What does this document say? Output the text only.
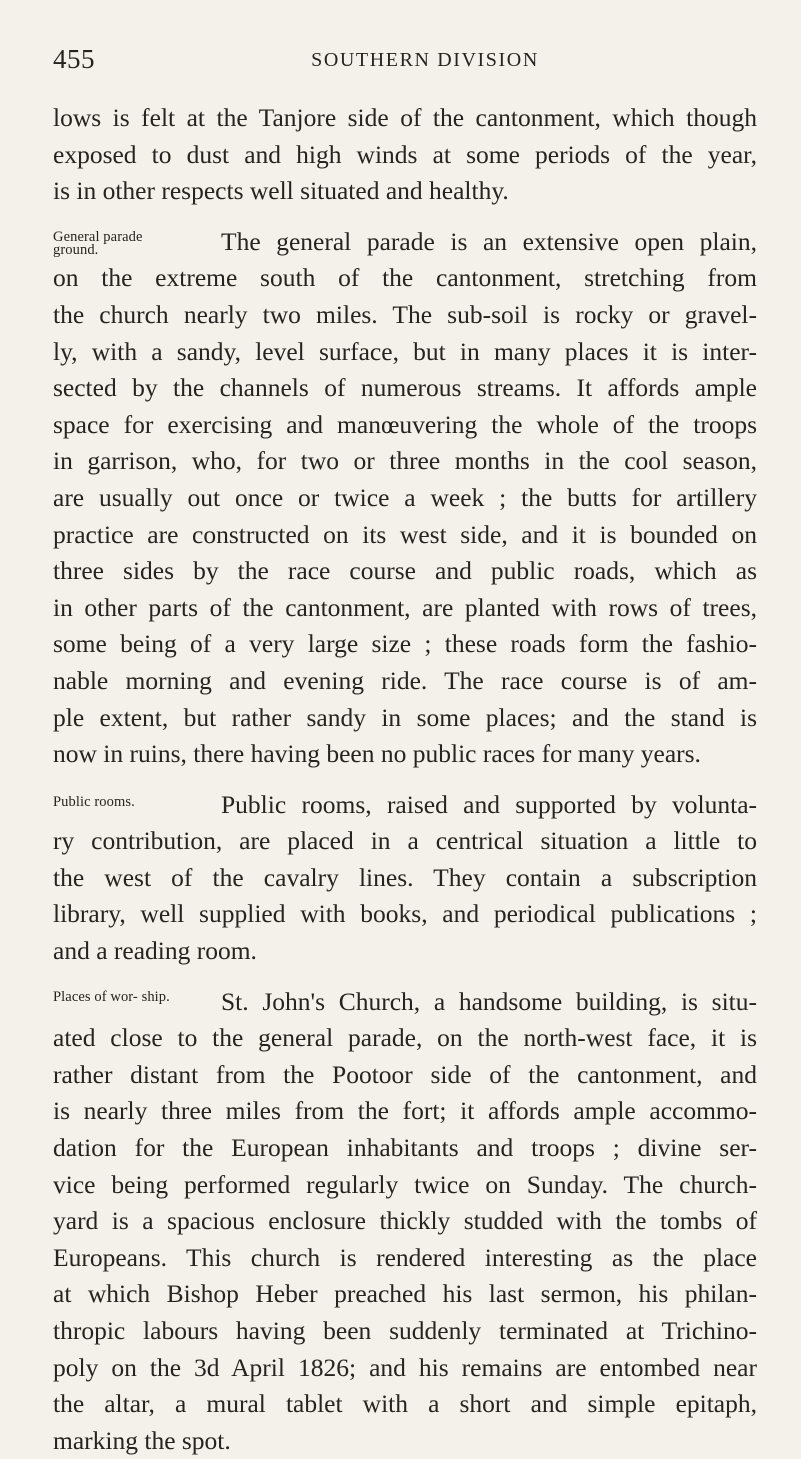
455	SOUTHERN DIVISION
lows is felt at the Tanjore side of the cantonment, which though
exposed to dust and high winds at some periods of the year,
is in other respects well situated and healthy.
General parade ground.	The general parade is an extensive open plain,
on the extreme south of the cantonment, stretching from
the church nearly two miles. The sub-soil is rocky or gravel-
ly, with a sandy, level surface, but in many places it is inter-
sected by the channels of numerous streams. It affords ample
space for exercising and manœuvering the whole of the troops
in garrison, who, for two or three months in the cool season,
are usually out once or twice a week ; the butts for artillery
practice are constructed on its west side, and it is bounded on
three sides by the race course and public roads, which as
in other parts of the cantonment, are planted with rows of trees,
some being of a very large size ; these roads form the fashio-
nable morning and evening ride. The race course is of am-
ple extent, but rather sandy in some places; and the stand is
now in ruins, there having been no public races for many years.
Public rooms.	Public rooms, raised and supported by volunta-
ry contribution, are placed in a centrical situation a little to
the west of the cavalry lines. They contain a subscription
library, well supplied with books, and periodical publications ;
and a reading room.
Places of wor- ship. St. John's Church, a handsome building, is situ-
ated close to the general parade, on the north-west face, it is
rather distant from the Pootoor side of the cantonment, and
is nearly three miles from the fort; it affords ample accommo-
dation for the European inhabitants and troops ; divine ser-
vice being performed regularly twice on Sunday. The church-
yard is a spacious enclosure thickly studded with the tombs of
Europeans. This church is rendered interesting as the place
at which Bishop Heber preached his last sermon, his philan-
thropic labours having been suddenly terminated at Trichino-
poly on the 3d April 1826; and his remains are entombed near
the altar, a mural tablet with a short and simple epitaph,
marking the spot.
